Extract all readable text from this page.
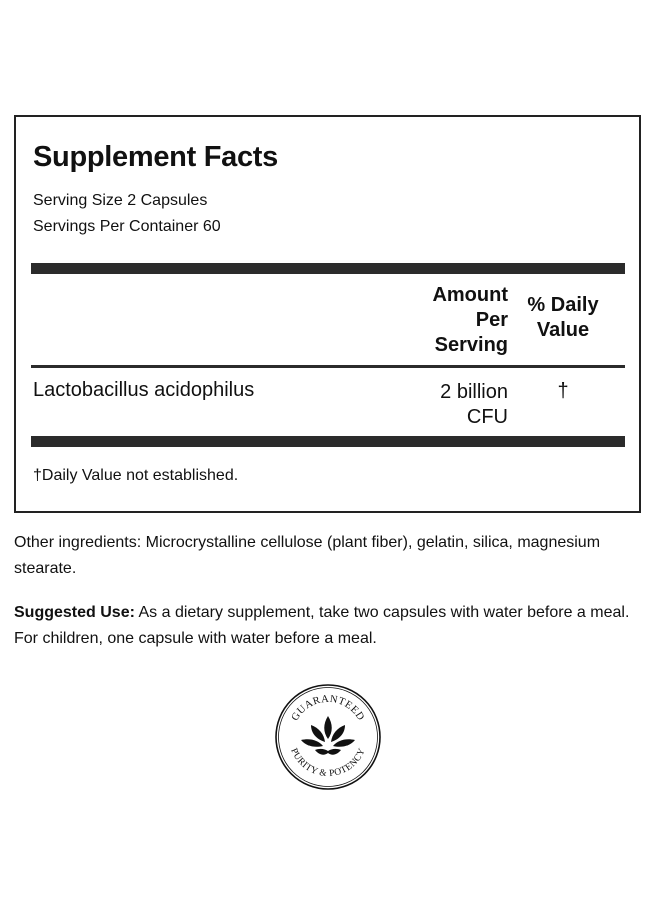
Supplement Facts
Serving Size 2 Capsules
Servings Per Container 60
Amount
Per
Serving
% Daily
Value
Lactobacillus acidophilus	2 billion
CFU
†
†Daily Value not established.

Other ingredients: Microcrystalline cellulose (plant fiber), gelatin, silica, magnesium stearate.

Suggested Use: As a dietary supplement, take two capsules with water before a meal. For children, one capsule with water before a meal.

GUARANTEED
PURITY & POTENCY
